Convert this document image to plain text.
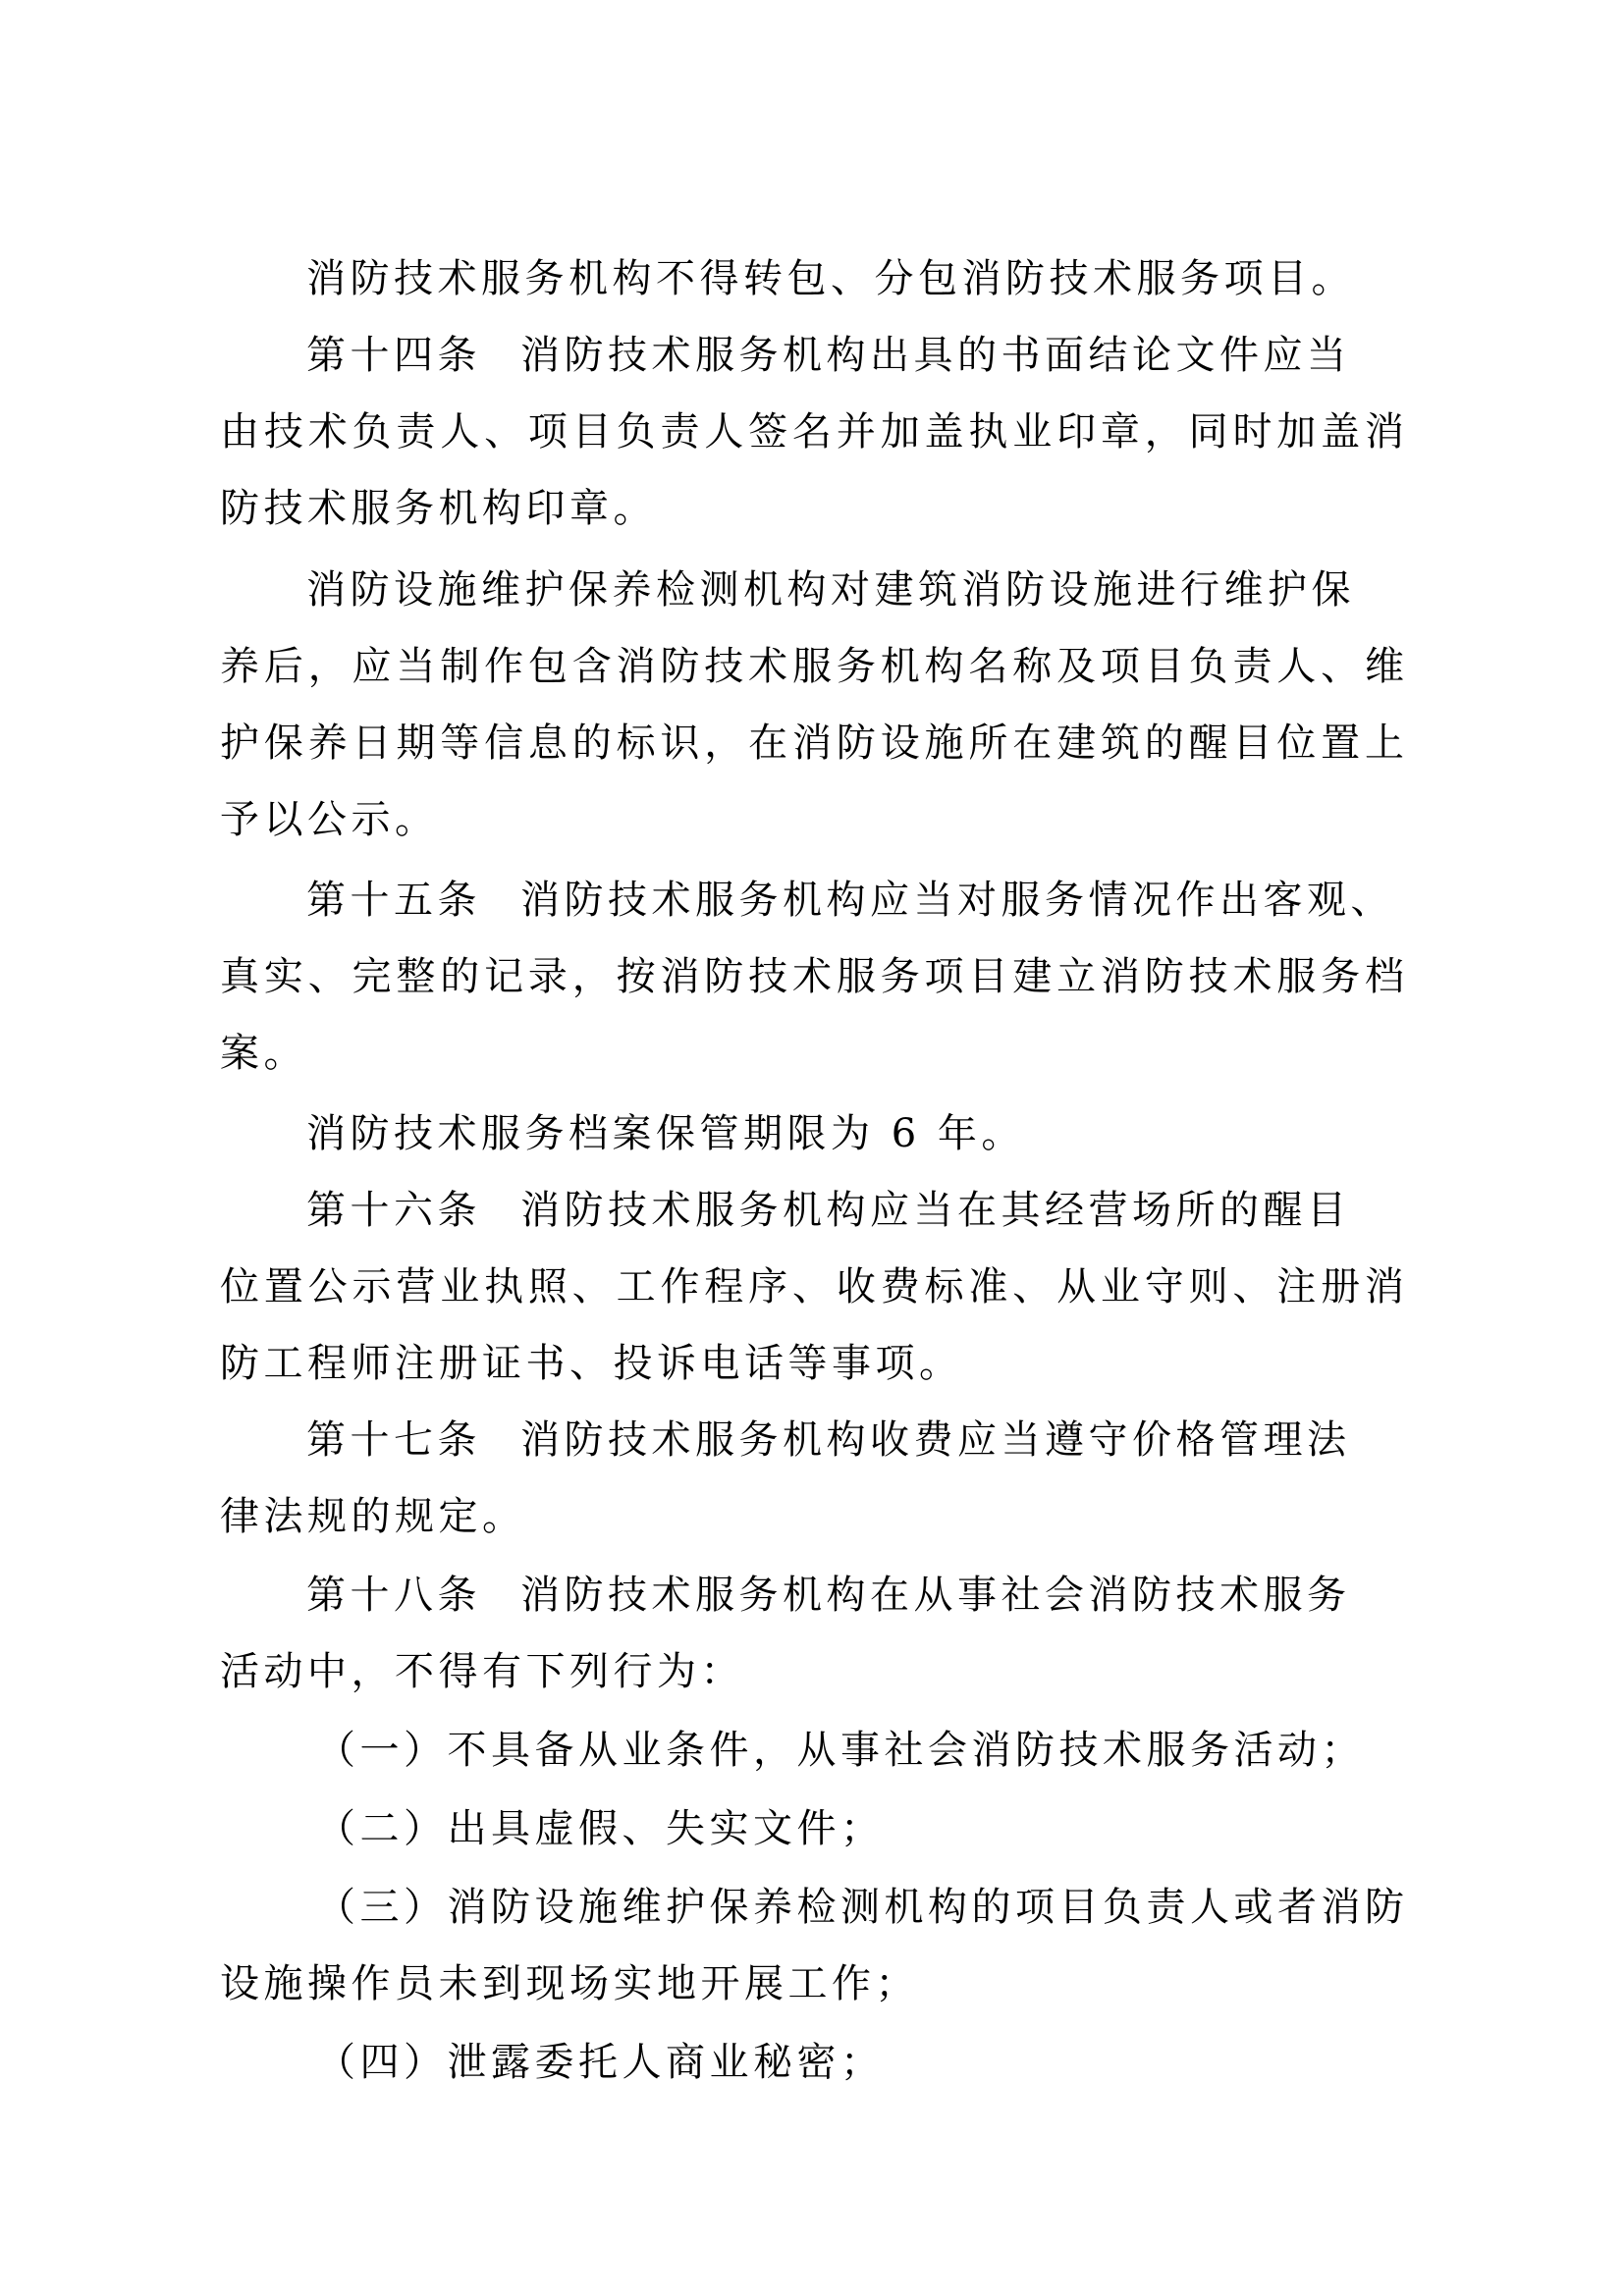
消防技术服务机构不得转包、分包消防技术服务项目。
第十四条 消防技术服务机构出具的书面结论文件应当
由技术负责人、项目负责人签名并加盖执业印章，同时加盖消
防技术服务机构印章。
消防设施维护保养检测机构对建筑消防设施进行维护保
养后，应当制作包含消防技术服务机构名称及项目负责人、维
护保养日期等信息的标识，在消防设施所在建筑的醒目位置上
予以公示。
第十五条 消防技术服务机构应当对服务情况作出客观、
真实、完整的记录，按消防技术服务项目建立消防技术服务档
案。
消防技术服务档案保管期限为 6 年。
第十六条 消防技术服务机构应当在其经营场所的醒目
位置公示营业执照、工作程序、收费标准、从业守则、注册消
防工程师注册证书、投诉电话等事项。
第十七条 消防技术服务机构收费应当遵守价格管理法
律法规的规定。
第十八条 消防技术服务机构在从事社会消防技术服务
活动中，不得有下列行为：
（一）不具备从业条件，从事社会消防技术服务活动；
（二）出具虚假、失实文件；
（三）消防设施维护保养检测机构的项目负责人或者消防
设施操作员未到现场实地开展工作；
（四）泄露委托人商业秘密；
